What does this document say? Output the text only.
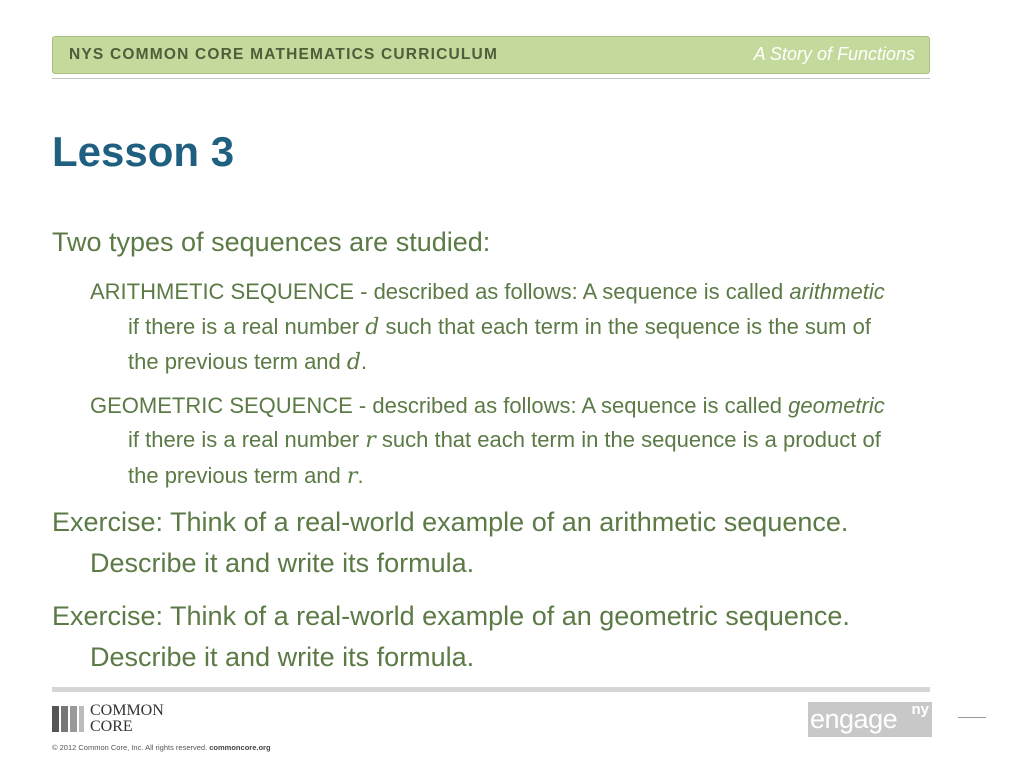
NYS COMMON CORE MATHEMATICS CURRICULUM	A Story of Functions
Lesson 3

Two types of sequences are studied:

ARITHMETIC SEQUENCE - described as follows: A sequence is called arithmetic if there is a real number d such that each term in the sequence is the sum of the previous term and d.

GEOMETRIC SEQUENCE - described as follows: A sequence is called geometric if there is a real number r such that each term in the sequence is a product of the previous term and r.

Exercise: Think of a real-world example of an arithmetic sequence. Describe it and write its formula.

Exercise: Think of a real-world example of an geometric sequence. Describe it and write its formula.

COMMON
CORE
© 2012 Common Core, Inc. All rights reserved. commoncore.org
engage ny
